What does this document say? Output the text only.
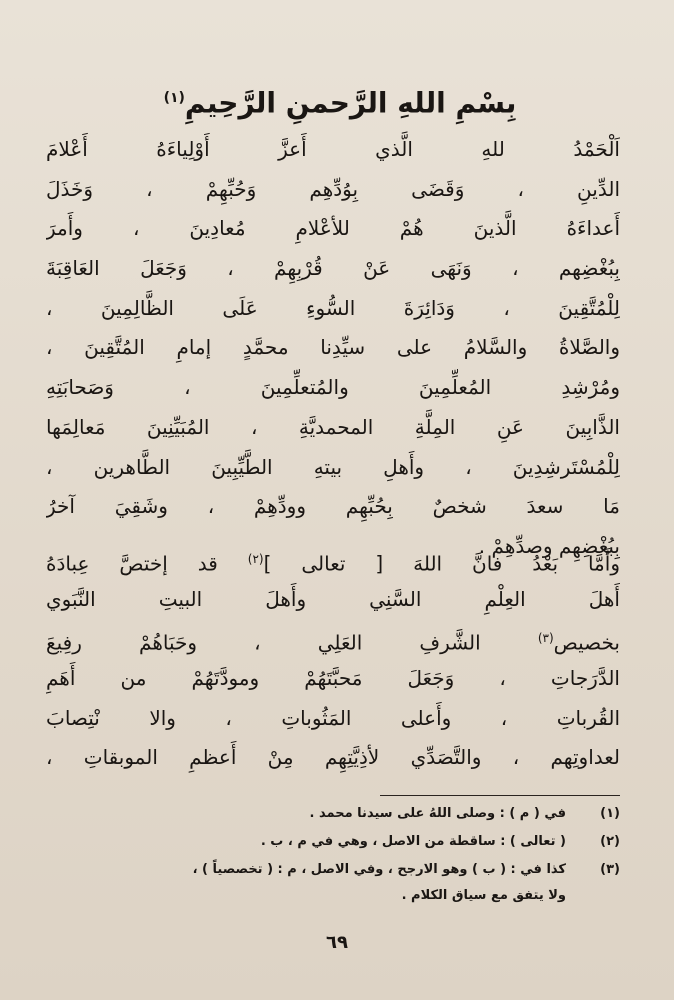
بِسْمِ اللهِ الرَّحمنِ الرَّحِيمِ$^{(١)}$
اَلْحَمْدُ للهِ الَّذي أَعزَّ أَوْلِياءَهُ أَعْلامَ
الدِّينِ ، وَقَضَى بِوُدِّهِم وَحُبِّهِمْ ، وَخَذَلَ
أَعداءَهُ الَّذينَ هُمْ للأعْلامِ مُعادِينَ ، وأَمرَ
بِبُغْضِهم ، وَنَهَى عَنْ قُرْبِهِمْ ، وَجَعَلَ العَاقِبَةَ
لِلْمُتَّقِينَ ، وَدَائِرَةَ السُّوءِ عَلَى الظَّالِمِينَ ،
والصَّلاةُ والسَّلامُ على سيِّدِنا محمَّدٍ إمامِ المُتَّقِينَ ،
ومُرْشِدِ المُعلِّمِينَ والمُتعلِّمِينَ ، وَصَحابَتِهِ
الذَّابِينَ عَنِ المِلَّةِ المحمديَّةِ ، المُبَيِّنِينَ مَعالِمَها
لِلْمُسْتَرشِدِينَ ، وأَهلِ بيتهِ الطَّيِّبِينَ الطَّاهرين ،
مَا سعدَ شخصٌ بِحُبِّهِم وودِّهِمْ ، وشَقِيَ آخرُ
بِبُغْضِهِم وصدِّهِمْ .
وأَمَّا بَعْدُ فانَّ اللهَ [ تعالى ]$^{(٢)}$ قد إختصَّ عِبادَهُ
أَهلَ العِلْمِ السَّنِي وأَهلَ البيتِ النَّبَوي
بخصيص$^{(٣)}$ الشَّرفِ العَلِي ، وحَبَاهُمْ رفِيعَ
الدَّرَجاتِ ، وَجَعَلَ مَحبَّتَهُمْ ومودَّتَهُمْ من أَهَمِ
القُرباتِ ، وأَعلى المَثُوباتِ ، والا نْتِصابَ
لعداوتِهم ، والتَّصَدِّي لأذِيَّتِهِم مِنْ أَعظمِ الموبقاتِ ،
(١)
في ( م ) : وصلى اللهُ على سيدنا محمد .
(٢)
( تعالى ) : ساقطة من الاصل ، وهي في م ، ب .
(٣)
كذا في : ( ب ) وهو الارجح ، وفي الاصل ، م : ( تخصصياً ) ،
ولا يتفق مع سياق الكلام .
٦٩
